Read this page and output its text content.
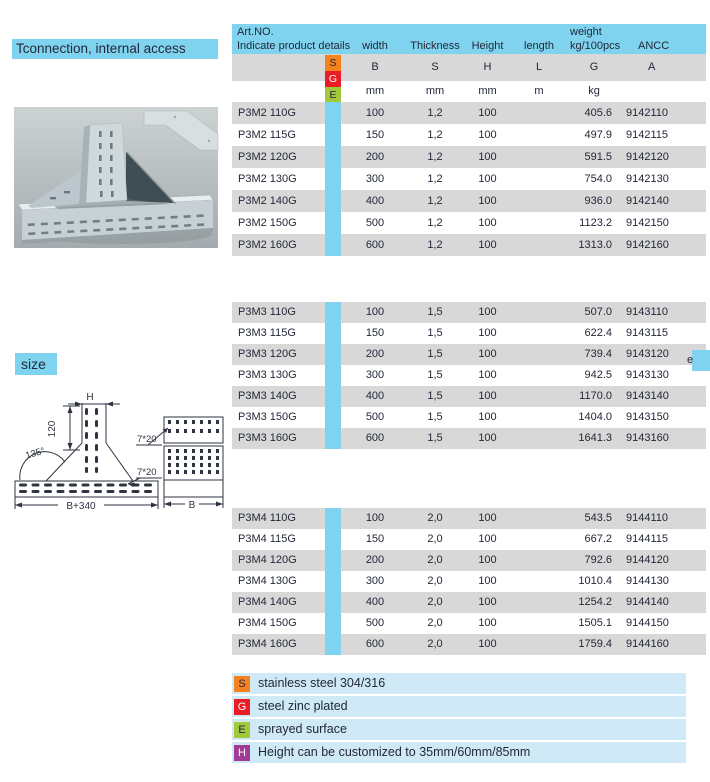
Tconnection, internal access
size
H
120
135°
7*20
7*20
B+340	B
Art.NO.
Indicate product details	width	Thickness	Height	length
weight
kg/100pcs	ANCC
B	S	H	L	G	A
mm	mm	mm	m	kg
S
G
E
P3M2 110G	100	1,2	100	405.6	9142110
P3M2 115G	150	1,2	100	497.9	9142115
P3M2 120G	200	1,2	100	591.5	9142120
P3M2 130G	300	1,2	100	754.0	9142130
P3M2 140G	400	1,2	100	936.0	9142140
P3M2 150G	500	1,2	100	1123.2	9142150
P3M2 160G	600	1,2	100	1313.0	9142160
P3M3 110G	100	1,5	100	507.0	9143110
P3M3 115G	150	1,5	100	622.4	9143115
P3M3 120G	200	1,5	100	739.4	9143120
P3M3 130G	300	1,5	100	942.5	9143130
P3M3 140G	400	1,5	100	1170.0	9143140
P3M3 150G	500	1,5	100	1404.0	9143150
P3M3 160G	600	1,5	100	1641.3	9143160
P3M4 110G	100	2,0	100	543.5	9144110
P3M4 115G	150	2,0	100	667.2	9144115
P3M4 120G	200	2,0	100	792.6	9144120
P3M4 130G	300	2,0	100	1010.4	9144130
P3M4 140G	400	2,0	100	1254.2	9144140
P3M4 150G	500	2,0	100	1505.1	9144150
P3M4 160G	600	2,0	100	1759.4	9144160
S stainless steel 304/316
G steel zinc plated
E sprayed surface
H Height can be customized to 35mm/60mm/85mm
e
